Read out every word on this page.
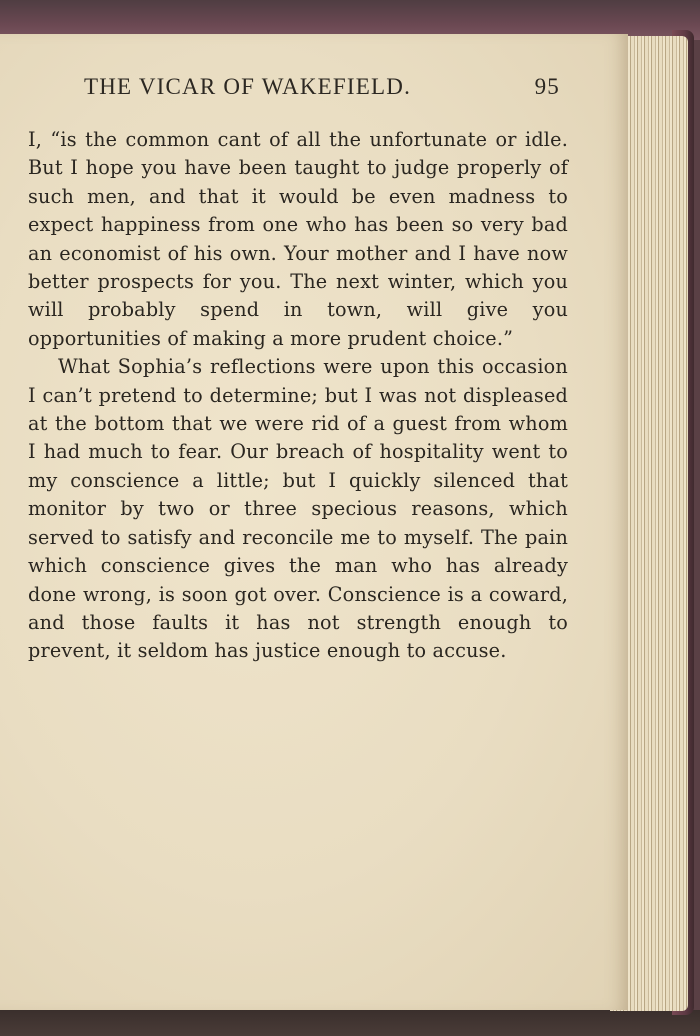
THE VICAR OF WAKEFIELD.	95

I, “is the common cant of all the unfortunate or idle. But I hope you have been taught to judge properly of such men, and that it would be even madness to expect happiness from one who has been so very bad an economist of his own. Your mother and I have now better prospects for you. The next winter, which you will probably spend in town, will give you opportunities of making a more prudent choice.”

What Sophia’s reflections were upon this occasion I can’t pretend to determine; but I was not displeased at the bottom that we were rid of a guest from whom I had much to fear. Our breach of hospitality went to my conscience a little; but I quickly silenced that monitor by two or three specious reasons, which served to satisfy and reconcile me to myself. The pain which conscience gives the man who has already done wrong, is soon got over. Conscience is a coward, and those faults it has not strength enough to prevent, it seldom has justice enough to accuse.
